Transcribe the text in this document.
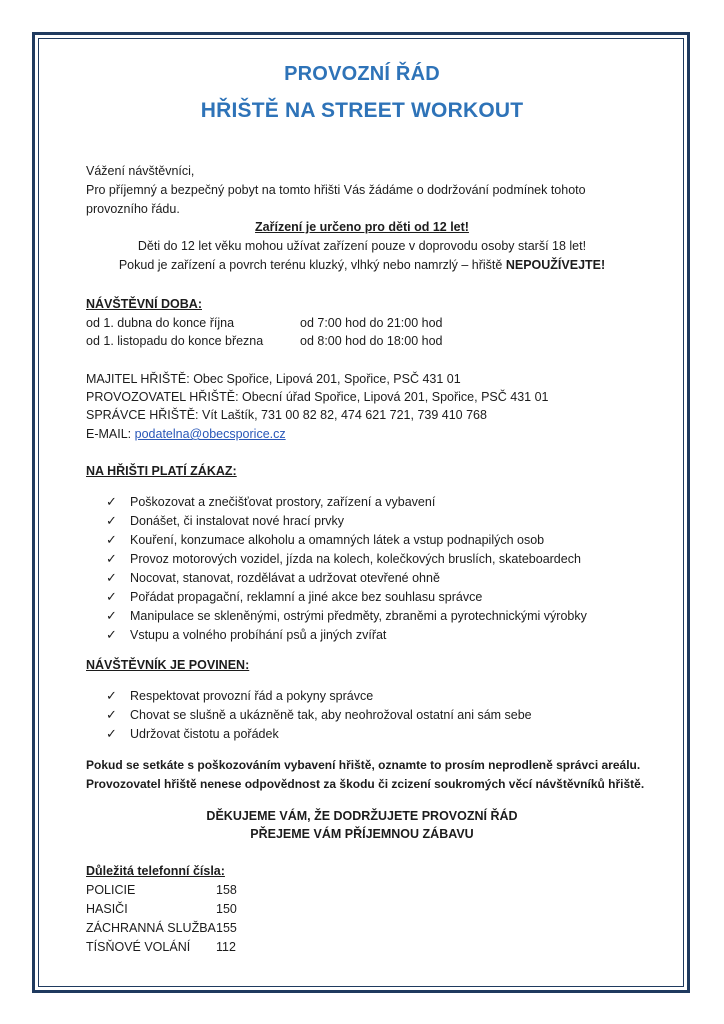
PROVOZNÍ ŘÁD
HŘIŠTĚ NA STREET WORKOUT
Vážení návštěvníci,
Pro příjemný a bezpečný pobyt na tomto hřišti Vás žádáme o dodržování podmínek tohoto
provozního řádu.
Zařízení je určeno pro děti od 12 let!
Děti do 12 let věku mohou užívat zařízení pouze v doprovodu osoby starší 18 let!
Pokud je zařízení a povrch terénu kluzký, vlhký nebo namrzlý – hřiště NEPOUŽÍVEJTE!
NÁVŠTĚVNÍ DOBA:
od 1. dubna do konce října	od 7:00 hod do 21:00 hod
od 1. listopadu do konce března	od 8:00 hod do 18:00 hod
MAJITEL HŘIŠTĚ: Obec Spořice, Lipová 201, Spořice, PSČ 431 01
PROVOZOVATEL HŘIŠTĚ: Obecní úřad Spořice, Lipová 201, Spořice, PSČ 431 01
SPRÁVCE HŘIŠTĚ: Vít Laštík, 731 00 82 82, 474 621 721, 739 410 768
E-MAIL: podatelna@obecsporice.cz
NA HŘIŠTI PLATÍ ZÁKAZ:
✓ Poškozovat a znečišťovat prostory, zařízení a vybavení
✓ Donášet, či instalovat nové hrací prvky
✓ Kouření, konzumace alkoholu a omamných látek a vstup podnapilých osob
✓ Provoz motorových vozidel, jízda na kolech, kolečkových bruslích, skateboardech
✓ Nocovat, stanovat, rozdělávat a udržovat otevřené ohně
✓ Pořádat propagační, reklamní a jiné akce bez souhlasu správce
✓ Manipulace se skleněnými, ostrými předměty, zbraněmi a pyrotechnickými výrobky
✓ Vstupu a volného probíhání psů a jiných zvířat
NÁVŠTĚVNÍK JE POVINEN:
✓ Respektovat provozní řád a pokyny správce
✓ Chovat se slušně a ukázněně tak, aby neohrožoval ostatní ani sám sebe
✓ Udržovat čistotu a pořádek
Pokud se setkáte s poškozováním vybavení hřiště, oznamte to prosím neprodleně správci areálu.
Provozovatel hřiště nenese odpovědnost za škodu či zcizení soukromých věcí návštěvníků hřiště.
DĚKUJEME VÁM, ŽE DODRŽUJETE PROVOZNÍ ŘÁD
PŘEJEME VÁM PŘÍJEMNOU ZÁBAVU
Důležitá telefonní čísla:
POLICIE	158
HASIČI	150
ZÁCHRANNÁ SLUŽBA 155
TÍSŇOVÉ VOLÁNÍ 112
